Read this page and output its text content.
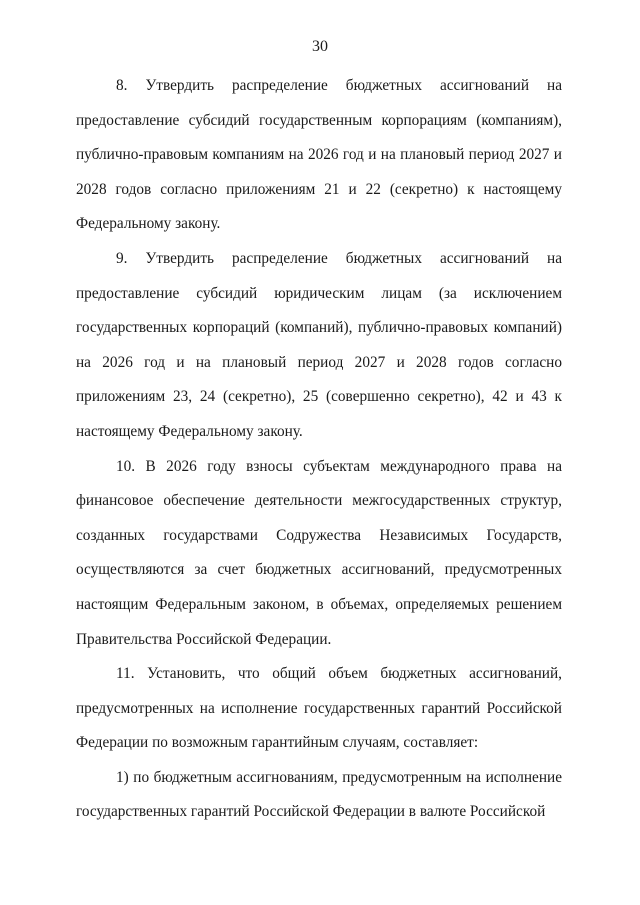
30

8. Утвердить распределение бюджетных ассигнований на предоставление субсидий государственным корпорациям (компаниям), публично-правовым компаниям на 2026 год и на плановый период 2027 и 2028 годов согласно приложениям 21 и 22 (секретно) к настоящему Федеральному закону.

9. Утвердить распределение бюджетных ассигнований на предоставление субсидий юридическим лицам (за исключением государственных корпораций (компаний), публично-правовых компаний) на 2026 год и на плановый период 2027 и 2028 годов согласно приложениям 23, 24 (секретно), 25 (совершенно секретно), 42 и 43 к настоящему Федеральному закону.

10. В 2026 году взносы субъектам международного права на финансовое обеспечение деятельности межгосударственных структур, созданных государствами Содружества Независимых Государств, осуществляются за счет бюджетных ассигнований, предусмотренных настоящим Федеральным законом, в объемах, определяемых решением Правительства Российской Федерации.

11. Установить, что общий объем бюджетных ассигнований, предусмотренных на исполнение государственных гарантий Российской Федерации по возможным гарантийным случаям, составляет:

1) по бюджетным ассигнованиям, предусмотренным на исполнение государственных гарантий Российской Федерации в валюте Российской
